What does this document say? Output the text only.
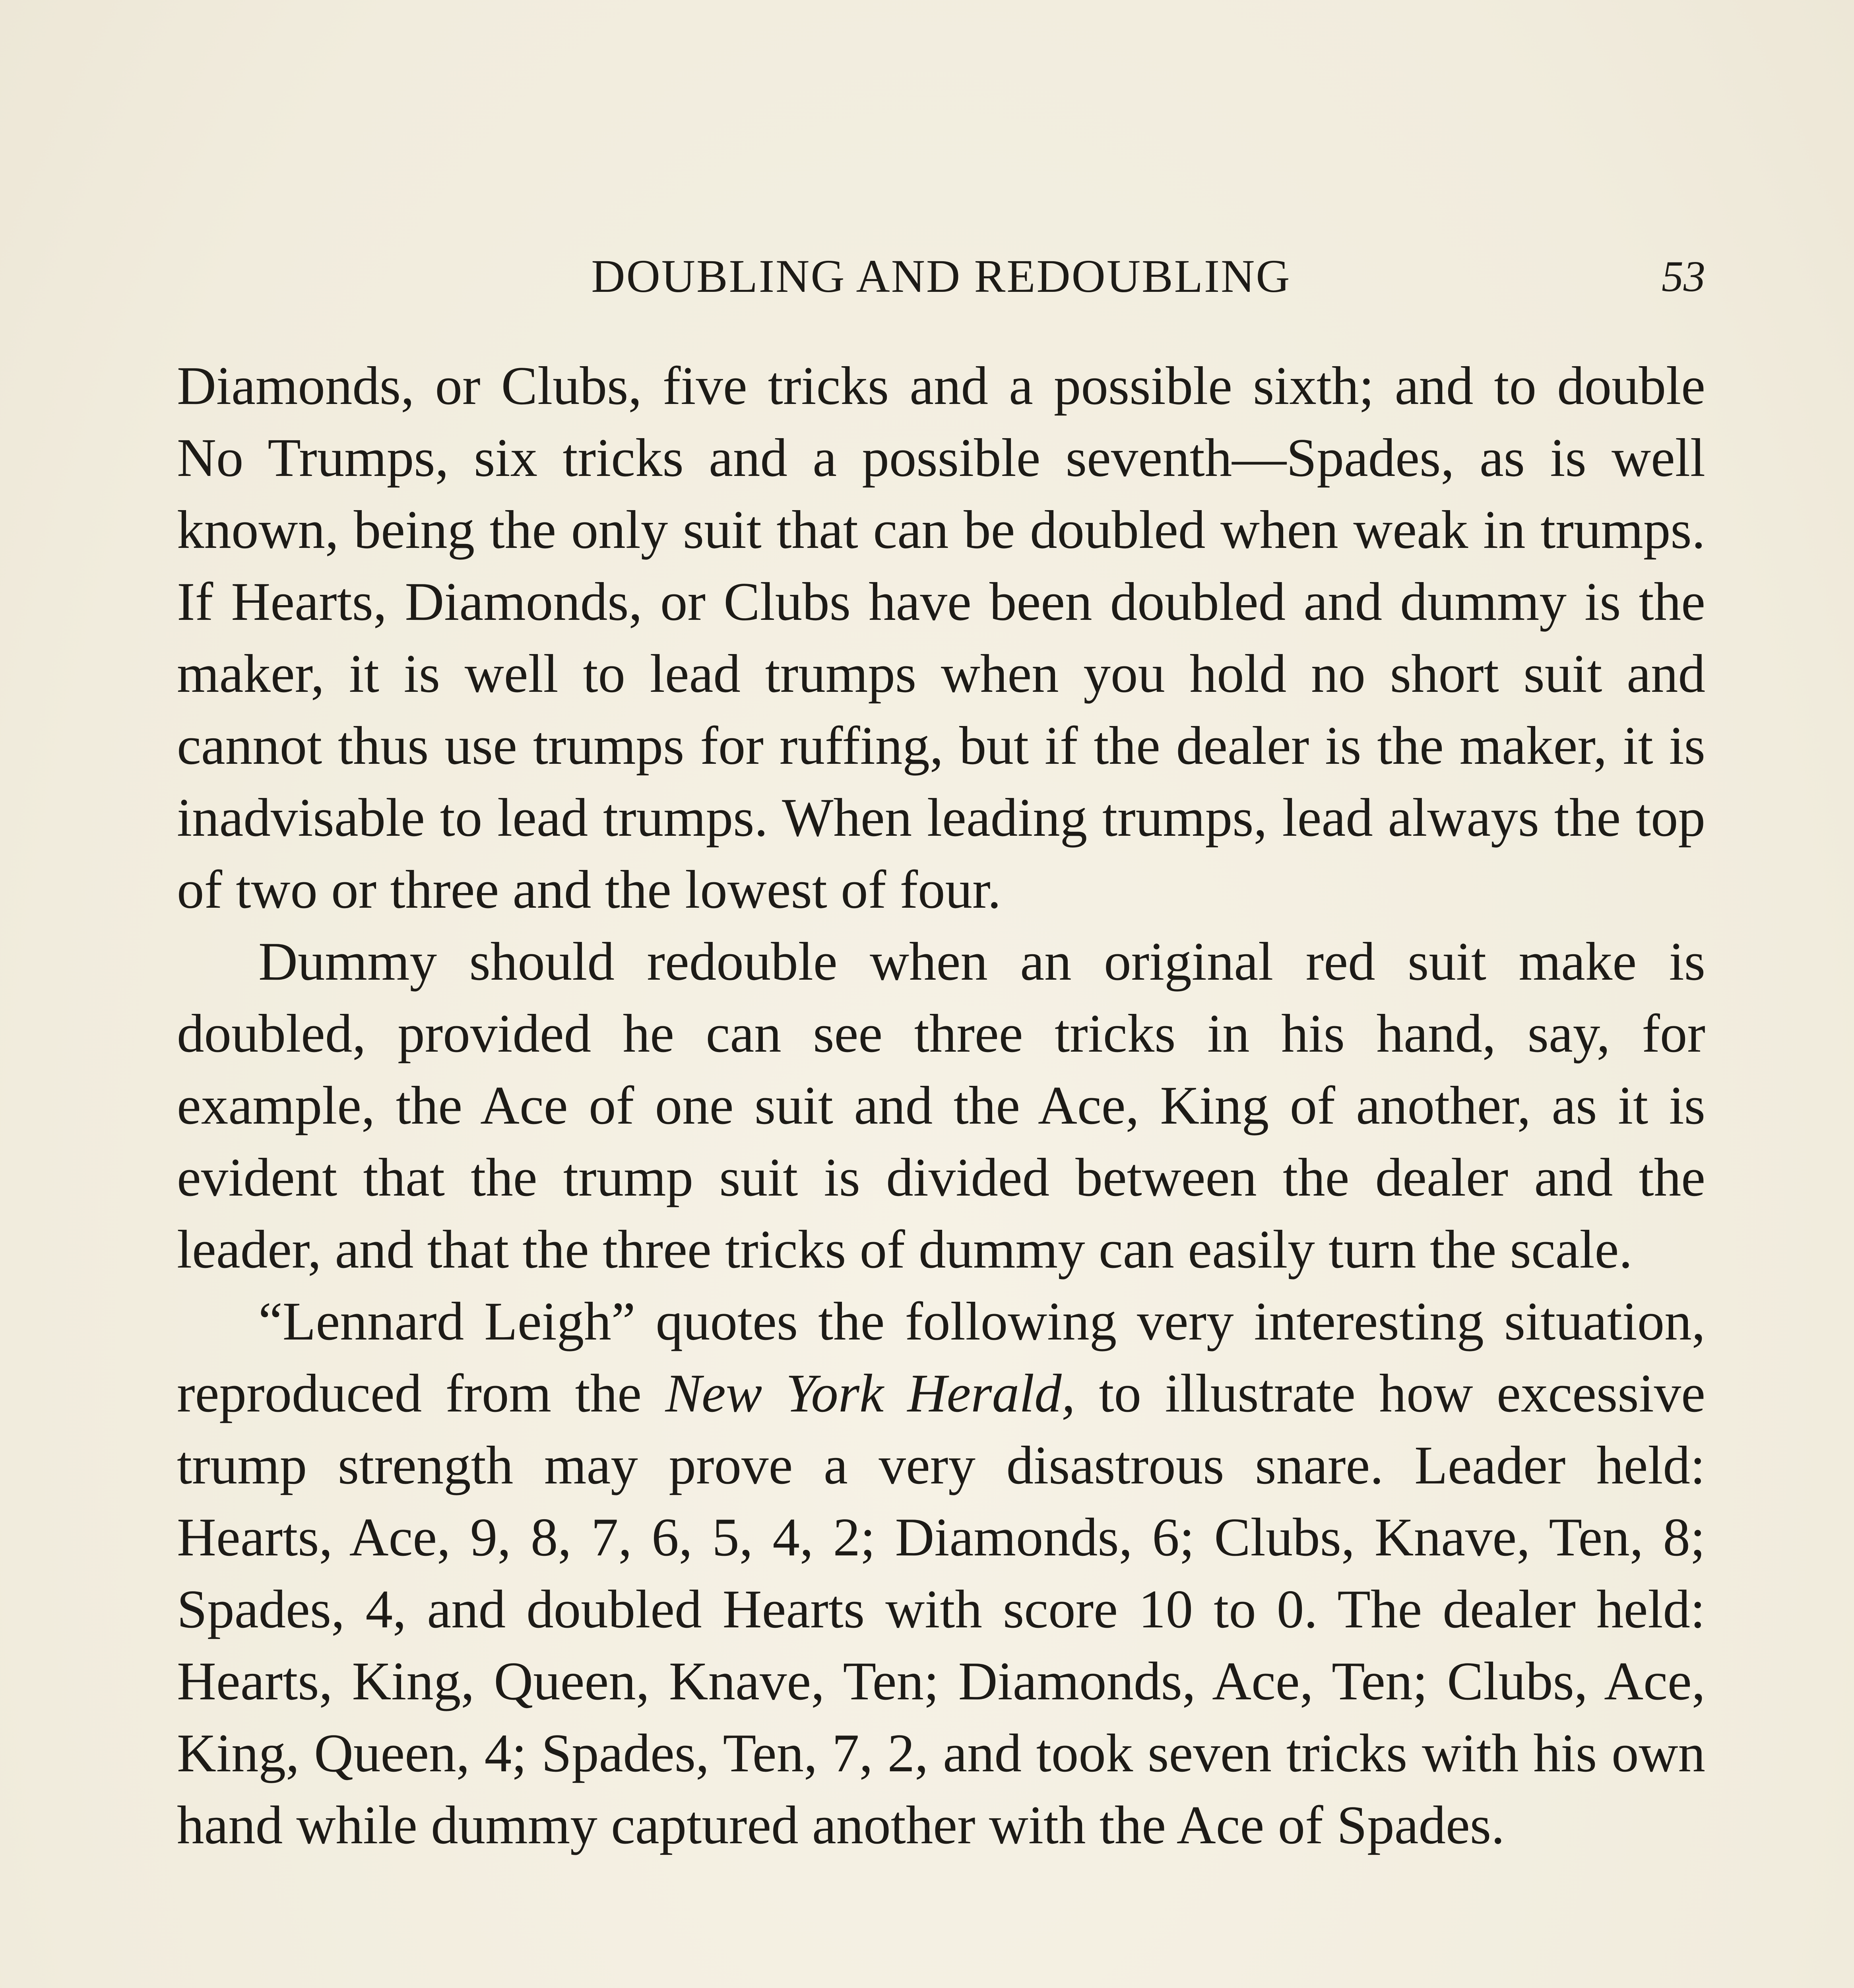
DOUBLING AND REDOUBLING	53

Diamonds, or Clubs, five tricks and a possible sixth; and to double No Trumps, six tricks and a possible seventh—Spades, as is well known, being the only suit that can be doubled when weak in trumps. If Hearts, Diamonds, or Clubs have been doubled and dummy is the maker, it is well to lead trumps when you hold no short suit and cannot thus use trumps for ruffing, but if the dealer is the maker, it is inadvisable to lead trumps. When leading trumps, lead always the top of two or three and the lowest of four.

Dummy should redouble when an original red suit make is doubled, provided he can see three tricks in his hand, say, for example, the Ace of one suit and the Ace, King of another, as it is evident that the trump suit is divided between the dealer and the leader, and that the three tricks of dummy can easily turn the scale.

“Lennard Leigh” quotes the following very interesting situation, reproduced from the New York Herald, to illustrate how excessive trump strength may prove a very disastrous snare. Leader held: Hearts, Ace, 9, 8, 7, 6, 5, 4, 2; Diamonds, 6; Clubs, Knave, Ten, 8; Spades, 4, and doubled Hearts with score 10 to 0. The dealer held: Hearts, King, Queen, Knave, Ten; Diamonds, Ace, Ten; Clubs, Ace, King, Queen, 4; Spades, Ten, 7, 2, and took seven tricks with his own hand while dummy captured another with the Ace of Spades.
